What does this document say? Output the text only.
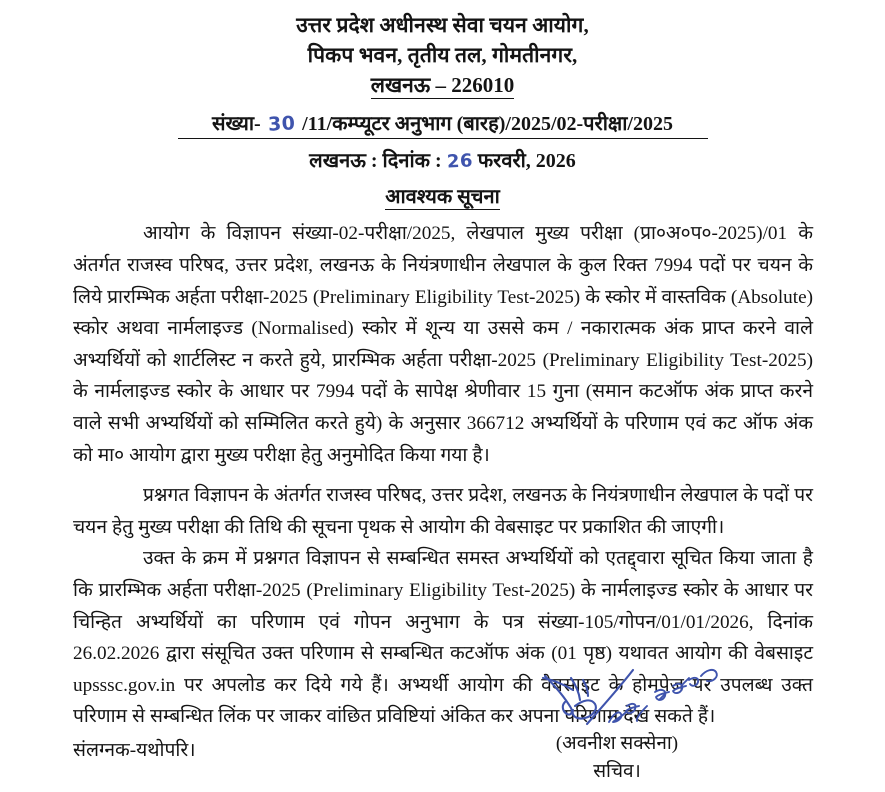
उत्तर प्रदेश अधीनस्थ सेवा चयन आयोग,
पिकप भवन, तृतीय तल, गोमतीनगर,
लखनऊ – 226010
संख्या- 30 /11/कम्प्यूटर अनुभाग (बारह)/2025/02-परीक्षा/2025
लखनऊ : दिनांक : 26 फरवरी, 2026
आवश्यक सूचना

आयोग के विज्ञापन संख्या-02-परीक्षा/2025, लेखपाल मुख्य परीक्षा (प्रा०अ०प०-2025)/01 के अंतर्गत राजस्व परिषद, उत्तर प्रदेश, लखनऊ के नियंत्रणाधीन लेखपाल के कुल रिक्त 7994 पदों पर चयन के लिये प्रारम्भिक अर्हता परीक्षा-2025 (Preliminary Eligibility Test-2025) के स्कोर में वास्तविक (Absolute) स्कोर अथवा नार्मलाइज्ड (Normalised) स्कोर में शून्य या उससे कम / नकारात्मक अंक प्राप्त करने वाले अभ्यर्थियों को शार्टलिस्ट न करते हुये, प्रारम्भिक अर्हता परीक्षा-2025 (Preliminary Eligibility Test-2025) के नार्मलाइज्ड स्कोर के आधार पर 7994 पदों के सापेक्ष श्रेणीवार 15 गुना (समान कटऑफ अंक प्राप्त करने वाले सभी अभ्यर्थियों को सम्मिलित करते हुये) के अनुसार 366712 अभ्यर्थियों के परिणाम एवं कट ऑफ अंक को मा० आयोग द्वारा मुख्य परीक्षा हेतु अनुमोदित किया गया है।

प्रश्नगत विज्ञापन के अंतर्गत राजस्व परिषद, उत्तर प्रदेश, लखनऊ के नियंत्रणाधीन लेखपाल के पदों पर चयन हेतु मुख्य परीक्षा की तिथि की सूचना पृथक से आयोग की वेबसाइट पर प्रकाशित की जाएगी।

उक्त के क्रम में प्रश्नगत विज्ञापन से सम्बन्धित समस्त अभ्यर्थियों को एतद्द्वारा सूचित किया जाता है कि प्रारम्भिक अर्हता परीक्षा-2025 (Preliminary Eligibility Test-2025) के नार्मलाइज्ड स्कोर के आधार पर चिन्हित अभ्यर्थियों का परिणाम एवं गोपन अनुभाग के पत्र संख्या-105/गोपन/01/01/2026, दिनांक 26.02.2026 द्वारा संसूचित उक्त परिणाम से सम्बन्धित कटऑफ अंक (01 पृष्ठ) यथावत आयोग की वेबसाइट upsssc.gov.in पर अपलोड कर दिये गये हैं। अभ्यर्थी आयोग की वेबसाइट के होमपेज पर उपलब्ध उक्त परिणाम से सम्बन्धित लिंक पर जाकर वांछित प्रविष्टियां अंकित कर अपना परिणाम देख सकते हैं।

संलग्नक-यथोपरि।	(अवनीश सक्सेना)
सचिव।
